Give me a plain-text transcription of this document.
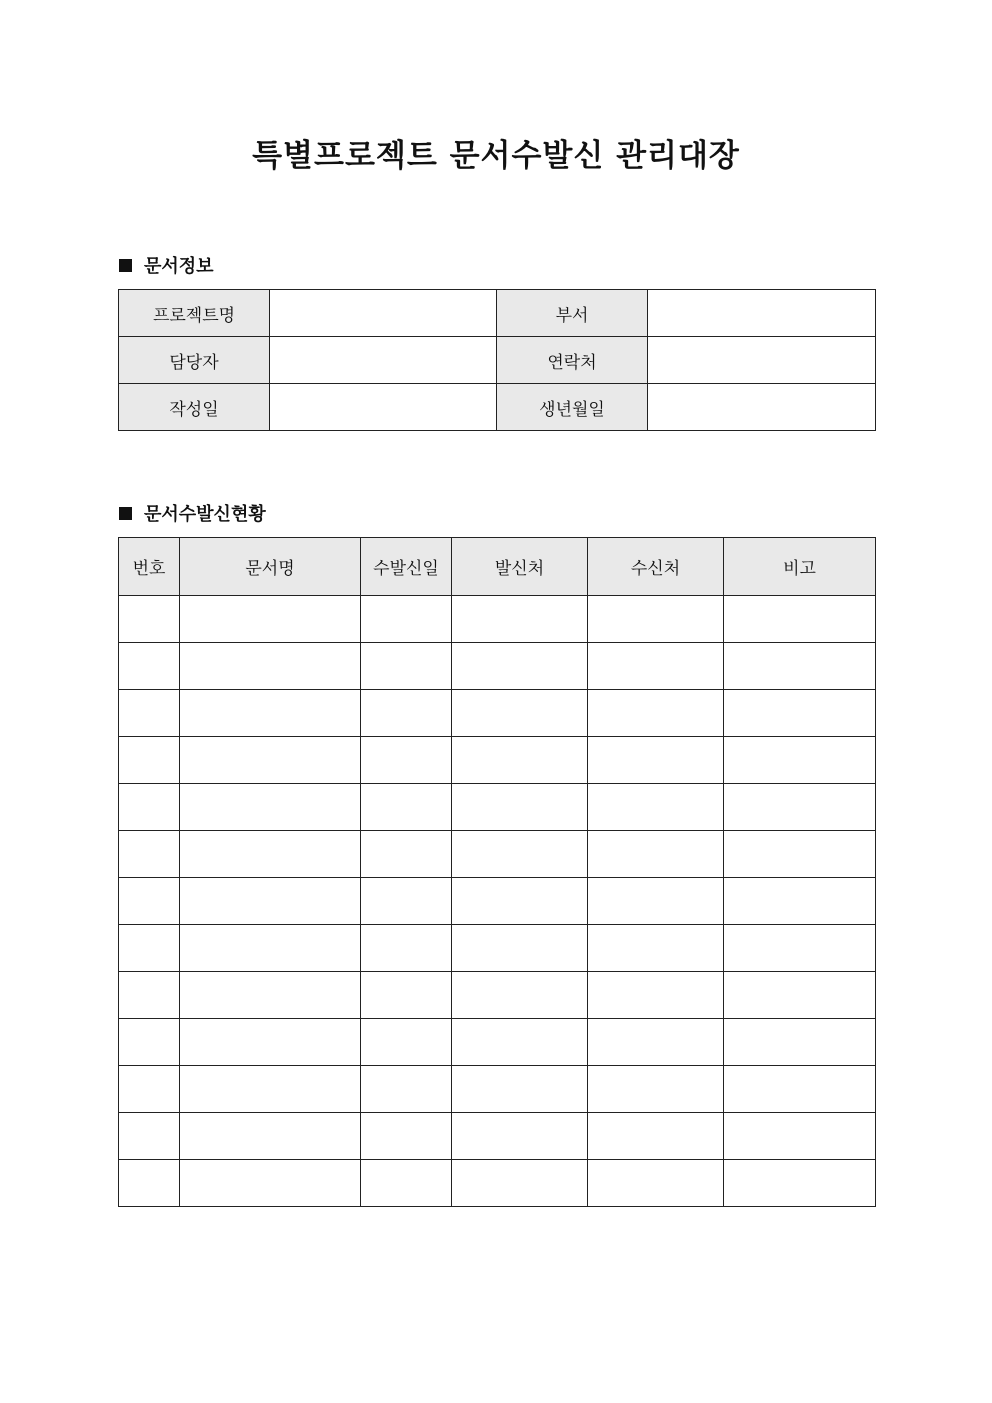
특별프로젝트 문서수발신 관리대장
문서정보
프로젝트명		부서	
담당자		연락처	
작성일		생년월일	
문서수발신현황
번호	문서명	수발신일	발신처	수신처	비고
